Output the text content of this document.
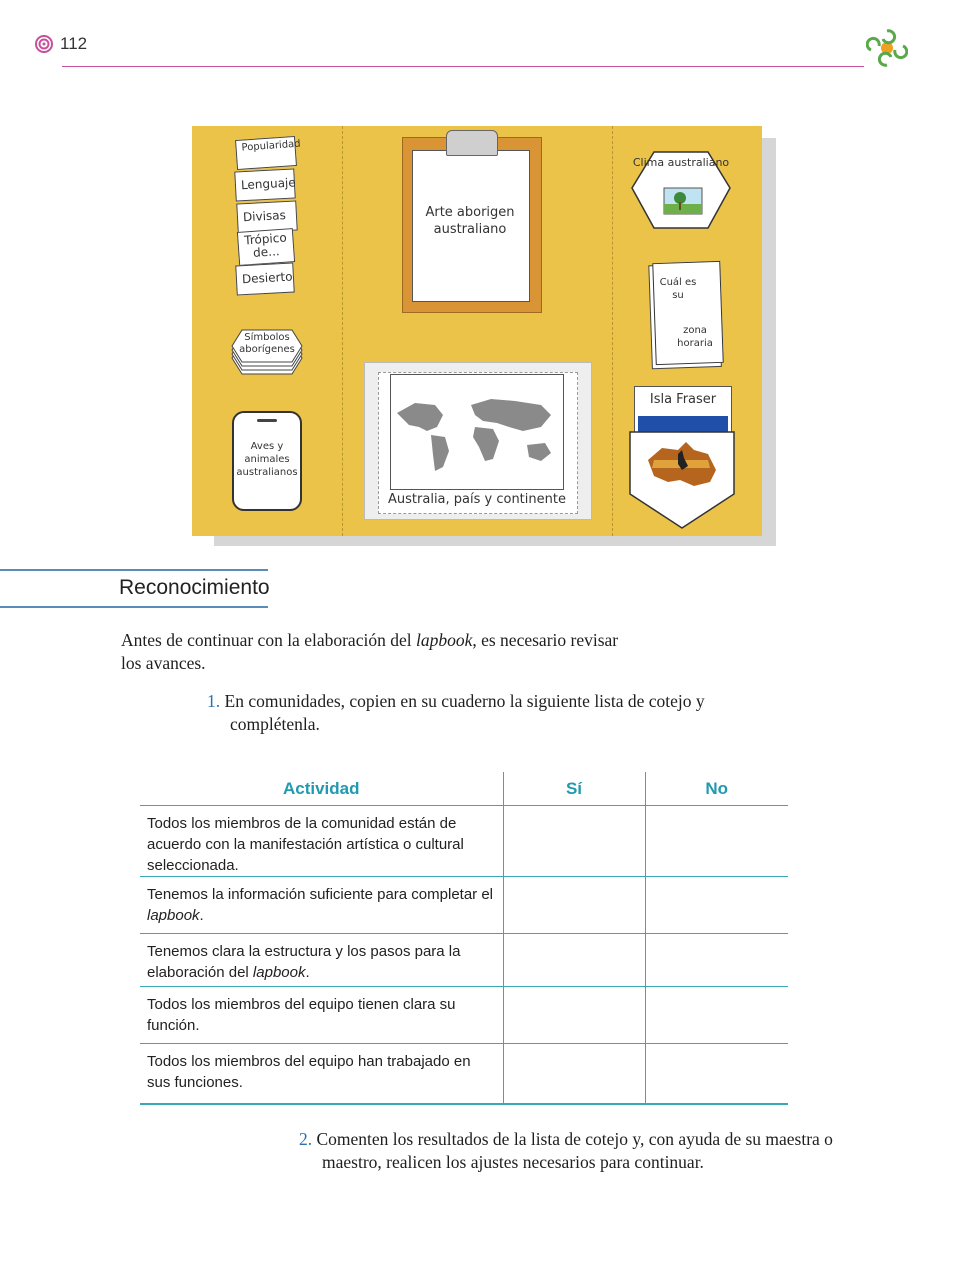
112
Popularidad
Lenguaje
Divisas
Trópico de...
Desierto
Símbolos aborígenes
Aves y animales australianos
Arte aborigen australiano
Australia, país y continente
Clima australiano
Cuál es su
zona horaria
Isla Fraser
Reconocimiento
Antes de continuar con la elaboración del lapbook, es necesario revisar los avances.
1. En comunidades, copien en su cuaderno la siguiente lista de cotejo y complétenla.
Actividad	Sí	No
Todos los miembros de la comunidad están de acuerdo con la manifestación artística o cultural seleccionada.		
Tenemos la información suficiente para completar el lapbook.		
Tenemos clara la estructura y los pasos para la elaboración del lapbook.		
Todos los miembros del equipo tienen clara su función.		
Todos los miembros del equipo han trabajado en sus funciones.		
2. Comenten los resultados de la lista de cotejo y, con ayuda de su maestra o maestro, realicen los ajustes necesarios para continuar.
